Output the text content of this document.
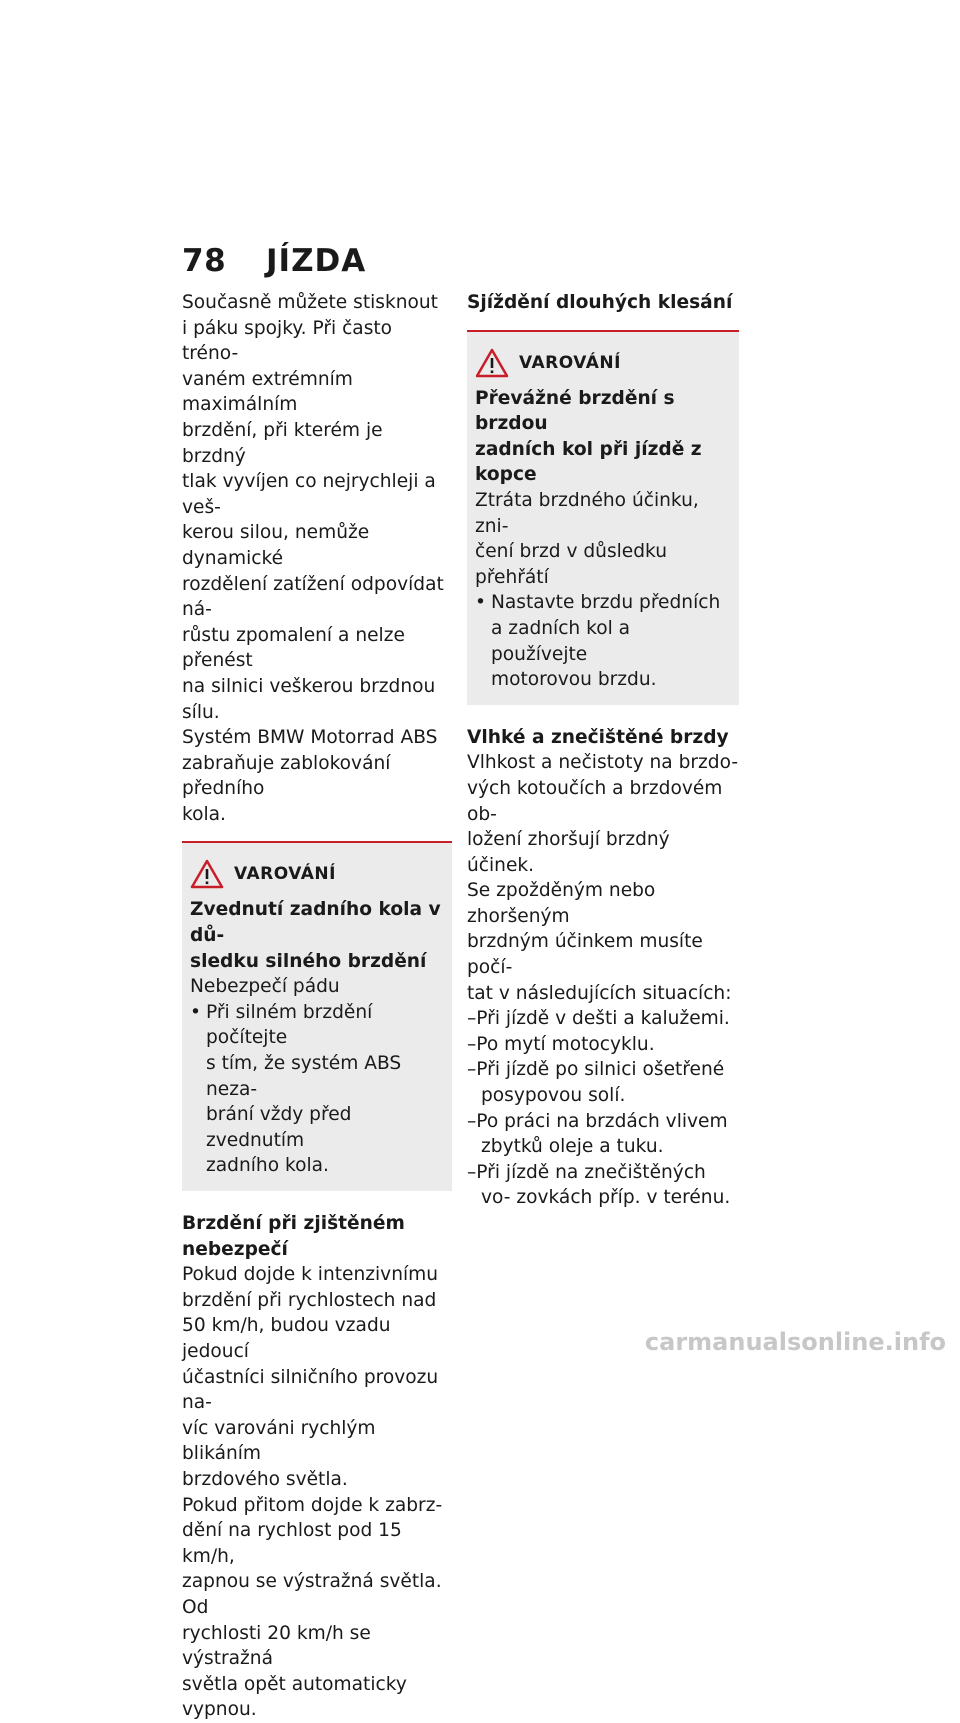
78 JÍZDA

Současně můžete stisknout

i páku spojky. Při často tréno-

vaném extrémním maximálním

brzdění, při kterém je brzdný

tlak vyvíjen co nejrychleji a veš-

kerou silou, nemůže dynamické

rozdělení zatížení odpovídat ná-

růstu zpomalení a nelze přenést

na silnici veškerou brzdnou sílu.

Systém BMW Motorrad ABS

zabraňuje zablokování předního

kola.

VAROVÁNÍ

Zvednutí zadního kola v dů-

sledku silného brzdění

Nebezpečí pádu

• Při silném brzdění počítejte
s tím, že systém ABS neza-
brání vždy před zvednutím
zadního kola.

Brzdění při zjištěném

nebezpečí

Pokud dojde k intenzivnímu

brzdění při rychlostech nad

50 km/h, budou vzadu jedoucí

účastníci silničního provozu na-

víc varováni rychlým blikáním

brzdového světla.

Pokud přitom dojde k zabrz-

dění na rychlost pod 15 km/h,

zapnou se výstražná světla. Od

rychlosti 20 km/h se výstražná

světla opět automaticky vypnou.

Sjíždění dlouhých klesání

VAROVÁNÍ

Převážné brzdění s brzdou

zadních kol při jízdě z kopce

Ztráta brzdného účinku, zni-

čení brzd v důsledku přehřátí

• Nastavte brzdu předních
a zadních kol a používejte
motorovou brzdu.

Vlhké a znečištěné brzdy

Vlhkost a nečistoty na brzdo-

vých kotoučích a brzdovém ob-

ložení zhoršují brzdný účinek.

Se zpožděným nebo zhoršeným

brzdným účinkem musíte počí-

tat v následujících situacích:

–Při jízdě v dešti a kalužemi.
–Po mytí motocyklu.
–Při jízdě po silnici ošetřené posypovou solí.
–Po práci na brzdách vlivem zbytků oleje a tuku.
–Při jízdě na znečištěných vo- zovkách příp. v terénu.
carmanualsonline.info
